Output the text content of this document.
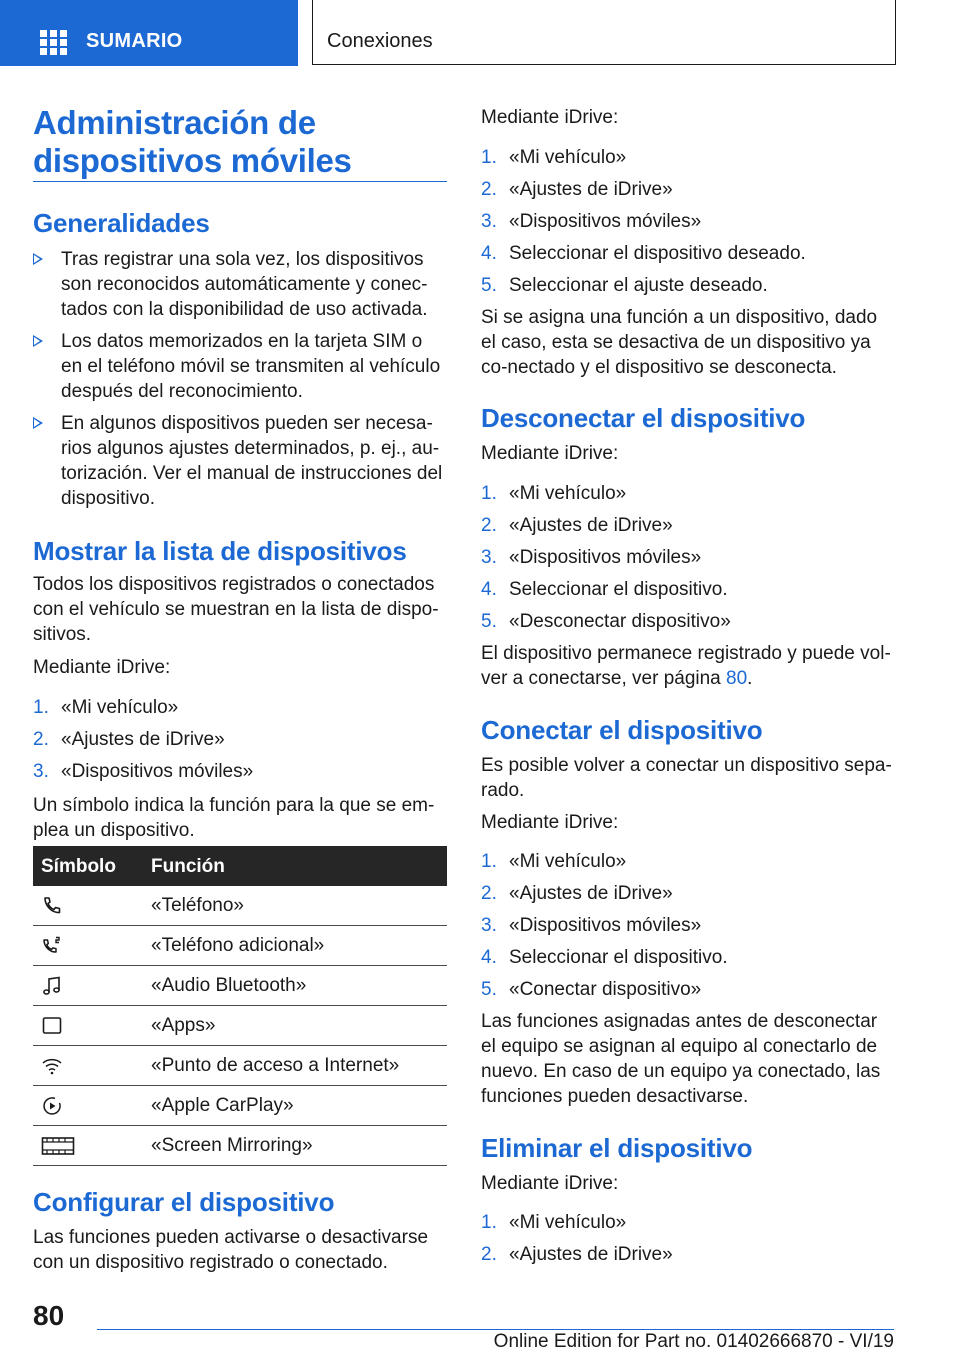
SUMARIO	Conexiones
Administración de dispositivos móviles
Generalidades
Tras registrar una sola vez, los dispositivos son reconocidos automáticamente y conec-tados con la disponibilidad de uso activada.
Los datos memorizados en la tarjeta SIM o en el teléfono móvil se transmiten al vehículo después del reconocimiento.
En algunos dispositivos pueden ser necesa-rios algunos ajustes determinados, p. ej., au-torización. Ver el manual de instrucciones del dispositivo.
Mostrar la lista de dispositivos
Todos los dispositivos registrados o conectados con el vehículo se muestran en la lista de dispo-sitivos.
Mediante iDrive:
1. «Mi vehículo»
2. «Ajustes de iDrive»
3. «Dispositivos móviles»
Un símbolo indica la función para la que se em-plea un dispositivo.
Símbolo Función
«Teléfono»
«Teléfono adicional»
«Audio Bluetooth»
«Apps»
«Punto de acceso a Internet»
«Apple CarPlay»
«Screen Mirroring»
Configurar el dispositivo
Las funciones pueden activarse o desactivarse con un dispositivo registrado o conectado.
Mediante iDrive:
1. «Mi vehículo»
2. «Ajustes de iDrive»
3. «Dispositivos móviles»
4. Seleccionar el dispositivo deseado.
5. Seleccionar el ajuste deseado.
Si se asigna una función a un dispositivo, dado el caso, esta se desactiva de un dispositivo ya co-nectado y el dispositivo se desconecta.
Desconectar el dispositivo
Mediante iDrive:
1. «Mi vehículo»
2. «Ajustes de iDrive»
3. «Dispositivos móviles»
4. Seleccionar el dispositivo.
5. «Desconectar dispositivo»
El dispositivo permanece registrado y puede vol-
ver a conectarse, ver página 80.
Conectar el dispositivo
Es posible volver a conectar un dispositivo sepa-rado.
Mediante iDrive:
1. «Mi vehículo»
2. «Ajustes de iDrive»
3. «Dispositivos móviles»
4. Seleccionar el dispositivo.
5. «Conectar dispositivo»
Las funciones asignadas antes de desconectar el equipo se asignan al equipo al conectarlo de nuevo. En caso de un equipo ya conectado, las funciones pueden desactivarse.
Eliminar el dispositivo
Mediante iDrive:
1. «Mi vehículo»
2. «Ajustes de iDrive»
80
Online Edition for Part no. 01402666870 - VI/19
